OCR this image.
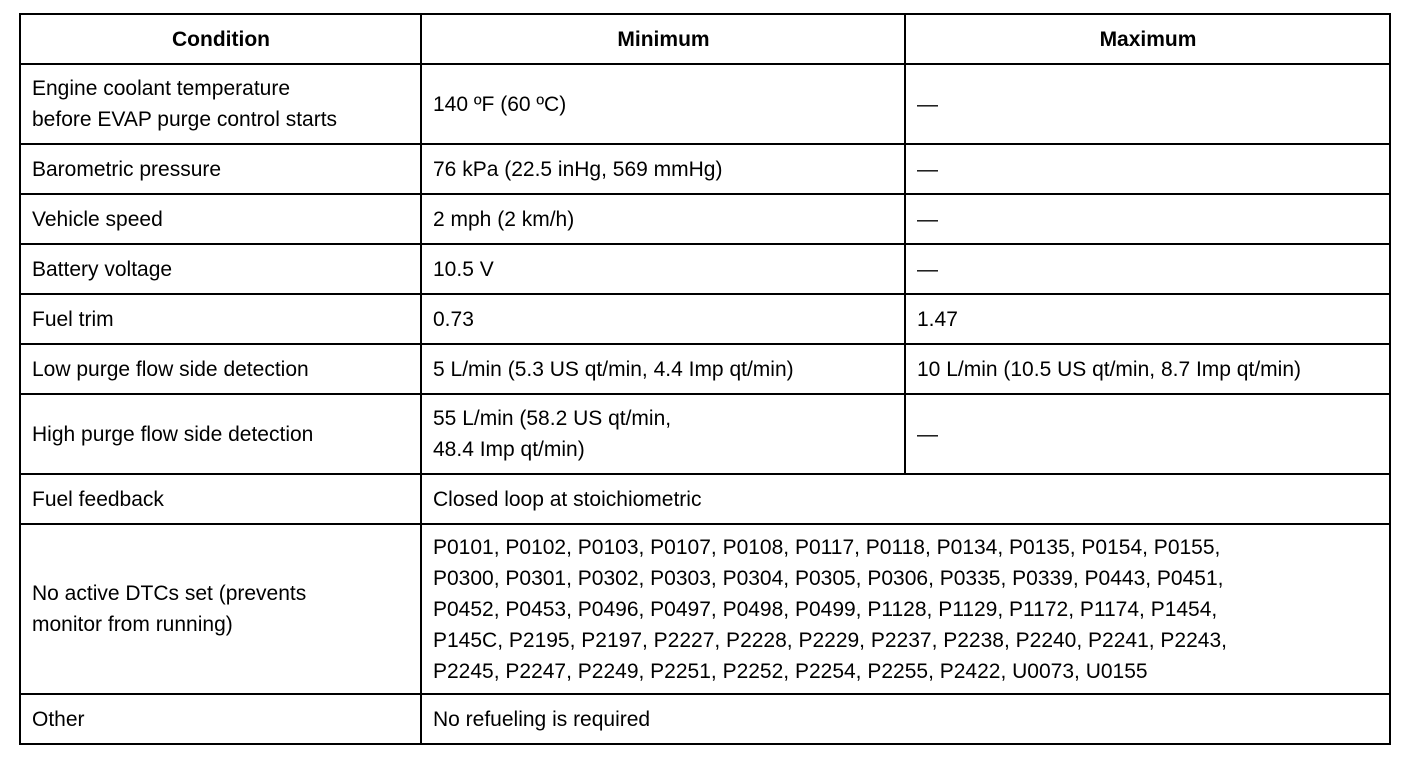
Condition	Minimum	Maximum
Engine coolant temperature
before EVAP purge control starts	140 ºF (60 ºC)	—
Barometric pressure	76 kPa (22.5 inHg, 569 mmHg)	—
Vehicle speed	2 mph (2 km/h)	—
Battery voltage	10.5 V	—
Fuel trim	0.73	1.47
Low purge flow side detection	5 L/min (5.3 US qt/min, 4.4 Imp qt/min)	10 L/min (10.5 US qt/min, 8.7 Imp qt/min)
High purge flow side detection	55 L/min (58.2 US qt/min,
48.4 Imp qt/min)	—
Fuel feedback	Closed loop at stoichiometric	
No active DTCs set (prevents
monitor from running)	P0101, P0102, P0103, P0107, P0108, P0117, P0118, P0134, P0135, P0154, P0155,
P0300, P0301, P0302, P0303, P0304, P0305, P0306, P0335, P0339, P0443, P0451,
P0452, P0453, P0496, P0497, P0498, P0499, P1128, P1129, P1172, P1174, P1454,
P145C, P2195, P2197, P2227, P2228, P2229, P2237, P2238, P2240, P2241, P2243,
P2245, P2247, P2249, P2251, P2252, P2254, P2255, P2422, U0073, U0155	
Other	No refueling is required	
